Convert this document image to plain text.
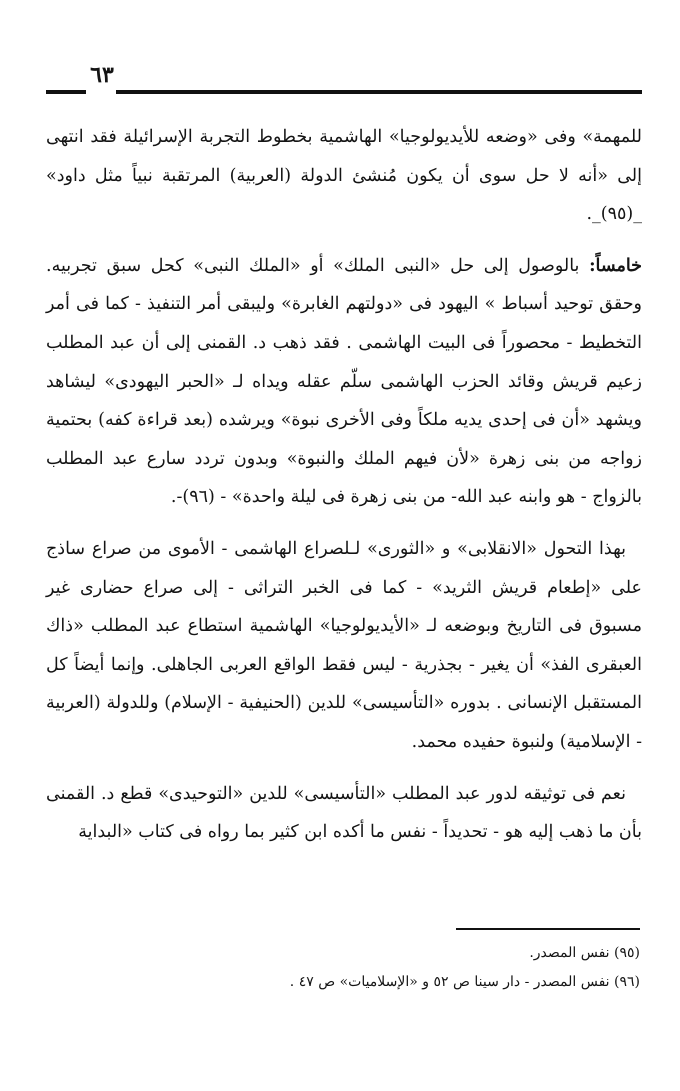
٦٣

للمهمة» وفى «وضعه للأيديولوجيا» الهاشمية بخطوط التجربة الإسرائيلة فقد انتهى إلى «أنه لا حل سوى أن يكون مُنشئ الدولة (العربية) المرتقبة نبياً مثل داود» _(٩٥)_.

خامساً: بالوصول إلى حل «النبى الملك» أو «الملك النبى» كحل سبق تجربيه. وحقق توحيد أسباط » اليهود فى «دولتهم الغابرة» وليبقى أمر التنفيذ - كما فى أمر التخطيط - محصوراً فى البيت الهاشمى . فقد ذهب د. القمنى إلى أن عبد المطلب زعيم قريش وقائد الحزب الهاشمى سلّم عقله ويداه لـ «الحبر اليهودى» ليشاهد ويشهد «أن فى إحدى يديه ملكاً وفى الأخرى نبوة» ويرشده (بعد قراءة كفه) بحتمية زواجه من بنى زهرة «لأن فيهم الملك والنبوة» وبدون تردد سارع عبد المطلب بالزواج - هو وابنه عبد الله- من بنى زهرة فى ليلة واحدة» - (٩٦)-.

بهذا التحول «الانقلابى» و «الثورى» لـلصراع الهاشمى - الأموى من صراع ساذج على «إطعام قريش الثريد» - كما فى الخبر التراثى - إلى صراع حضارى غير مسبوق فى التاريخ وبوضعه لـ «الأيديولوجيا» الهاشمية استطاع عبد المطلب «ذاك العبقرى الفذ» أن يغير - بجذرية - ليس فقط الواقع العربى الجاهلى. وإنما أيضاً كل المستقبل الإنسانى . بدوره «التأسيسى» للدين (الحنيفية - الإسلام) وللدولة (العربية - الإسلامية) ولنبوة حفيده محمد.

نعم فى توثيقه لدور عبد المطلب «التأسيسى» للدين «التوحيدى» قطع د. القمنى بأن ما ذهب إليه هو - تحديداً - نفس ما أكده ابن كثير بما رواه فى كتاب «البداية

(٩٥) نفس المصدر.

(٩٦) نفس المصدر - دار سينا ص ٥٢ و «الإسلاميات» ص ٤٧ .
